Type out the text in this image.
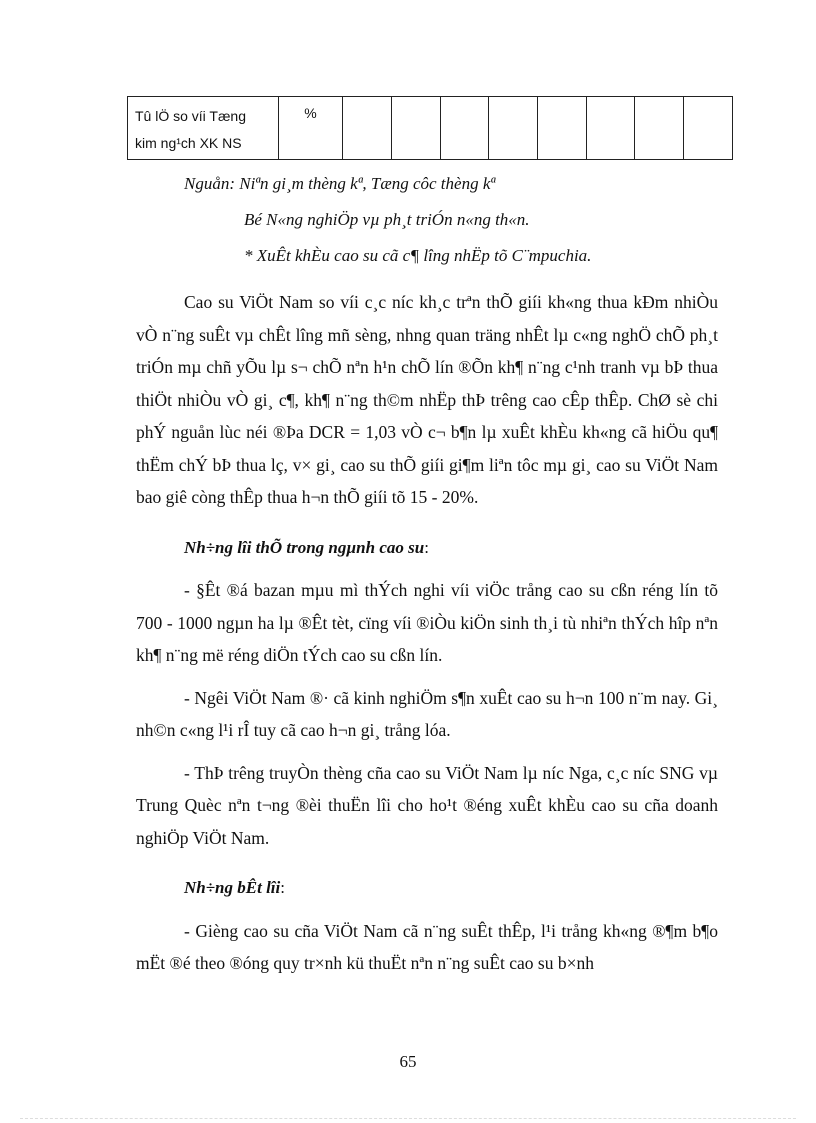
Tû lÖ so víi Tæng
kim ng¹ch XK NS	%								
Nguån: Niªn gi¸m thèng kª, Tæng côc thèng kª
Bé N«ng nghiÖp vµ ph¸t triÓn n«ng th«n.
* XuÊt khÈu cao su cã c¶ lîng nhËp tõ C¨mpuchia.

Cao su ViÖt Nam so víi c¸c níc kh¸c trªn thÕ giíi kh«ng thua kÐm nhiÒu vÒ n¨ng suÊt vµ chÊt lîng mñ sèng, nhng quan träng nhÊt lµ c«ng nghÖ chÕ ph¸t triÓn mµ chñ yÕu lµ s¬ chÕ nªn h¹n chÕ lín ®Õn kh¶ n¨ng c¹nh tranh vµ bÞ thua thiÖt nhiÒu vÒ gi¸ c¶, kh¶ n¨ng th©m nhËp thÞ trêng cao cÊp thÊp. ChØ sè chi phÝ nguån lùc néi ®Þa DCR = 1,03 vÒ c¬ b¶n lµ xuÊt khÈu kh«ng cã hiÖu qu¶ thËm chÝ bÞ thua lç, v× gi¸ cao su thÕ giíi gi¶m liªn tôc mµ gi¸ cao su ViÖt Nam bao giê còng thÊp thua h¬n thÕ giíi tõ 15 - 20%.

Nh÷ng lîi thÕ trong ngµnh cao su:

- §Êt ®á bazan mµu mì thÝch nghi víi viÖc trång cao su cßn réng lín tõ 700 - 1000 ngµn ha lµ ®Êt tèt, cïng víi ®iÒu kiÖn sinh th¸i tù nhiªn thÝch hîp nªn kh¶ n¨ng më réng diÖn tÝch cao su cßn lín.

- Ngêi ViÖt Nam ®· cã kinh nghiÖm s¶n xuÊt cao su h¬n 100 n¨m nay. Gi¸ nh©n c«ng l¹i rÎ tuy cã cao h¬n gi¸ trång lóa.

- ThÞ trêng truyÒn thèng cña cao su ViÖt Nam lµ níc Nga, c¸c níc SNG vµ Trung Quèc nªn t¬ng ®èi thuËn lîi cho ho¹t ®éng xuÊt khÈu cao su cña doanh nghiÖp ViÖt Nam.

Nh÷ng bÊt lîi:

- Gièng cao su cña ViÖt Nam cã n¨ng suÊt thÊp, l¹i trång kh«ng ®¶m b¶o mËt ®é theo ®óng quy tr×nh kü thuËt nªn n¨ng suÊt cao su b×nh

65
